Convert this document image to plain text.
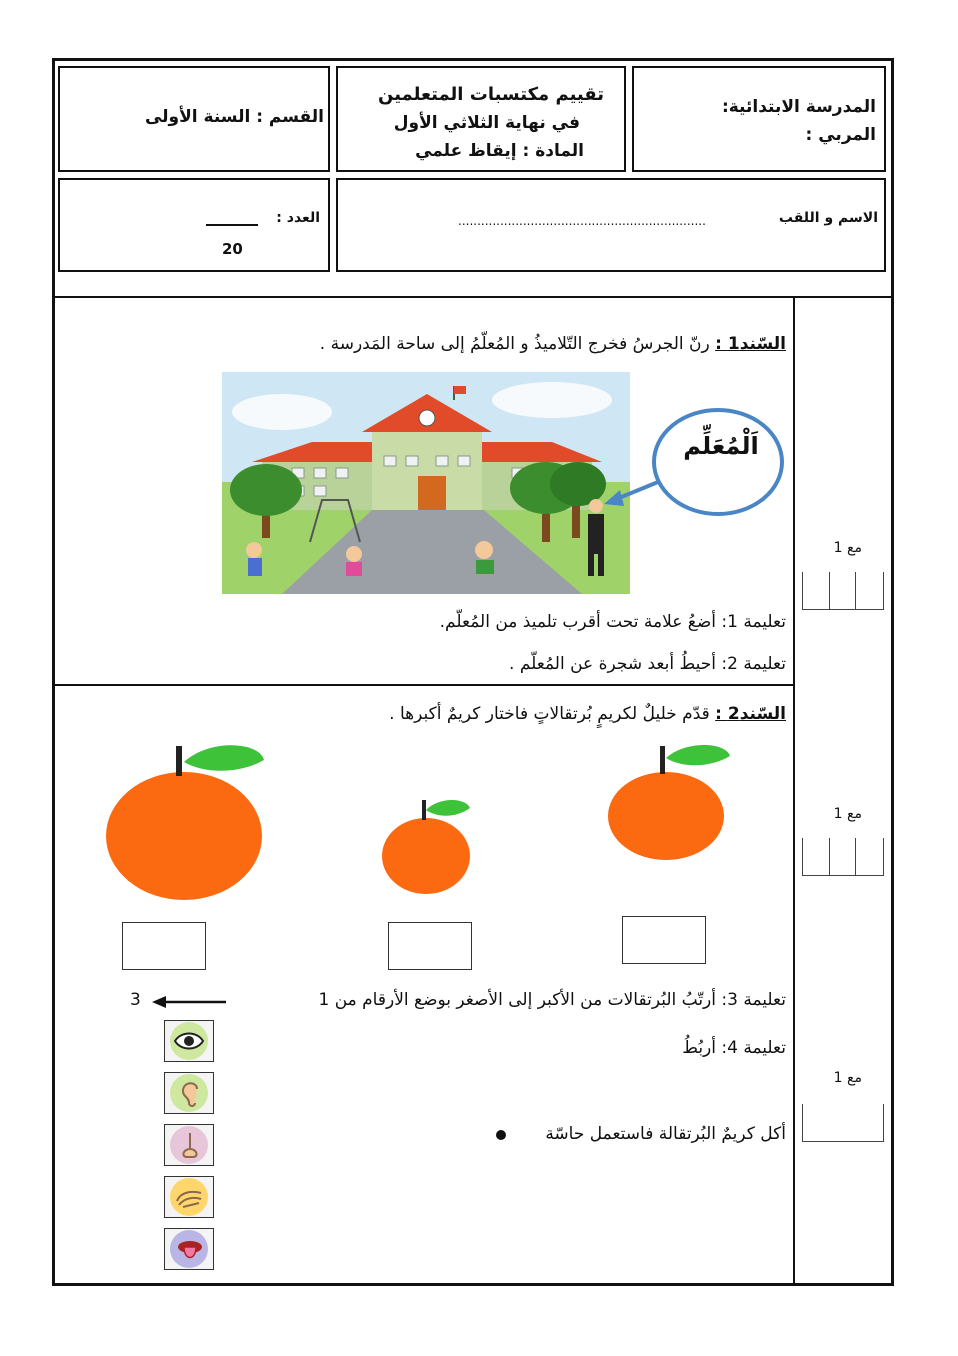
المدرسة الابتدائية:
المربي :
تقييم مكتسبات المتعلمين
في نهاية الثلاثي الأول
المادة : إيقاظ علمي
القسم : السنة الأولى
الاسم و اللقب
.................................................................
العدد :
20
السّند1 : رنّ الجرسُ فخرج التّلاميذُ و المُعلّمُ إلى ساحة المَدرسة .
اَلْمُعَلِّم
تعليمة 1: أضعُ علامة تحت أقرب تلميذ من المُعلّم.
تعليمة 2: أحيطُ أبعد شجرة عن المُعلّم .
مع 1
السّند2 : قدّم خليلٌ لكريمٍ بُرتقالاتٍ فاختار كريمٌ أكبرها .
تعليمة 3: أرتّبُ البُرتقالات من الأكبر إلى الأصغر بوضع الأرقام من 1
3
تعليمة 4: أربُطُ
أكل كريمٌ البُرتقالة فاستعمل حاسّة
مع 1
مع 1
